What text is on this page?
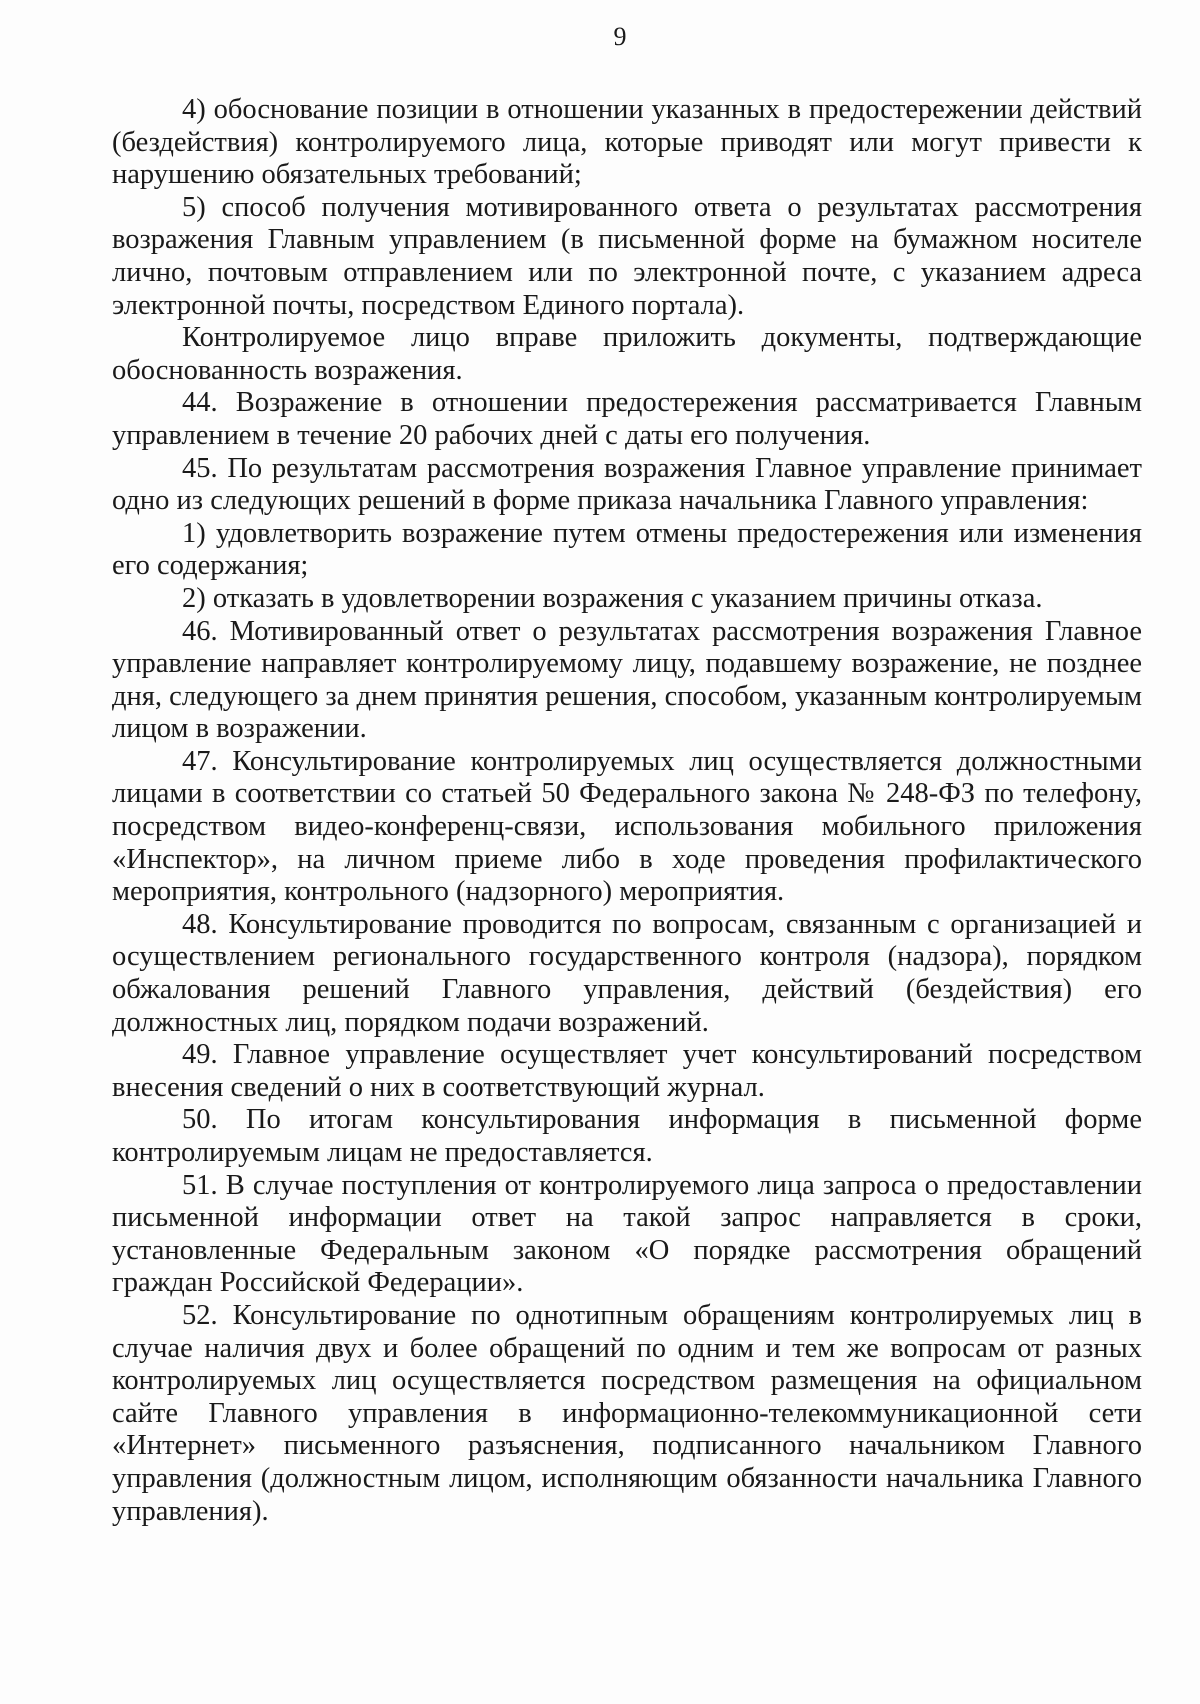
9

4) обоснование позиции в отношении указанных в предостережении действий (бездействия) контролируемого лица, которые приводят или могут привести к нарушению обязательных требований;

5) способ получения мотивированного ответа о результатах рассмотрения возражения Главным управлением (в письменной форме на бумажном носителе лично, почтовым отправлением или по электронной почте, с указанием адреса электронной почты, посредством Единого портала).

Контролируемое лицо вправе приложить документы, подтверждающие обоснованность возражения.

44. Возражение в отношении предостережения рассматривается Главным управлением в течение 20 рабочих дней с даты его получения.

45. По результатам рассмотрения возражения Главное управление принимает одно из следующих решений в форме приказа начальника Главного управления:

1) удовлетворить возражение путем отмены предостережения или изменения его содержания;

2) отказать в удовлетворении возражения с указанием причины отказа.

46. Мотивированный ответ о результатах рассмотрения возражения Главное управление направляет контролируемому лицу, подавшему возражение, не позднее дня, следующего за днем принятия решения, способом, указанным контролируемым лицом в возражении.

47. Консультирование контролируемых лиц осуществляется должностными лицами в соответствии со статьей 50 Федерального закона № 248-ФЗ по телефону, посредством видео-конференц-связи, использования мобильного приложения «Инспектор», на личном приеме либо в ходе проведения профилактического мероприятия, контрольного (надзорного) мероприятия.

48. Консультирование проводится по вопросам, связанным с организацией и осуществлением регионального государственного контроля (надзора), порядком обжалования решений Главного управления, действий (бездействия) его должностных лиц, порядком подачи возражений.

49. Главное управление осуществляет учет консультирований посредством внесения сведений о них в соответствующий журнал.

50. По итогам консультирования информация в письменной форме контролируемым лицам не предоставляется.

51. В случае поступления от контролируемого лица запроса о предоставлении письменной информации ответ на такой запрос направляется в сроки, установленные Федеральным законом «О порядке рассмотрения обращений граждан Российской Федерации».

52. Консультирование по однотипным обращениям контролируемых лиц в случае наличия двух и более обращений по одним и тем же вопросам от разных контролируемых лиц осуществляется посредством размещения на официальном сайте Главного управления в информационно-телекоммуникационной сети «Интернет» письменного разъяснения, подписанного начальником Главного управления (должностным лицом, исполняющим обязанности начальника Главного управления).
